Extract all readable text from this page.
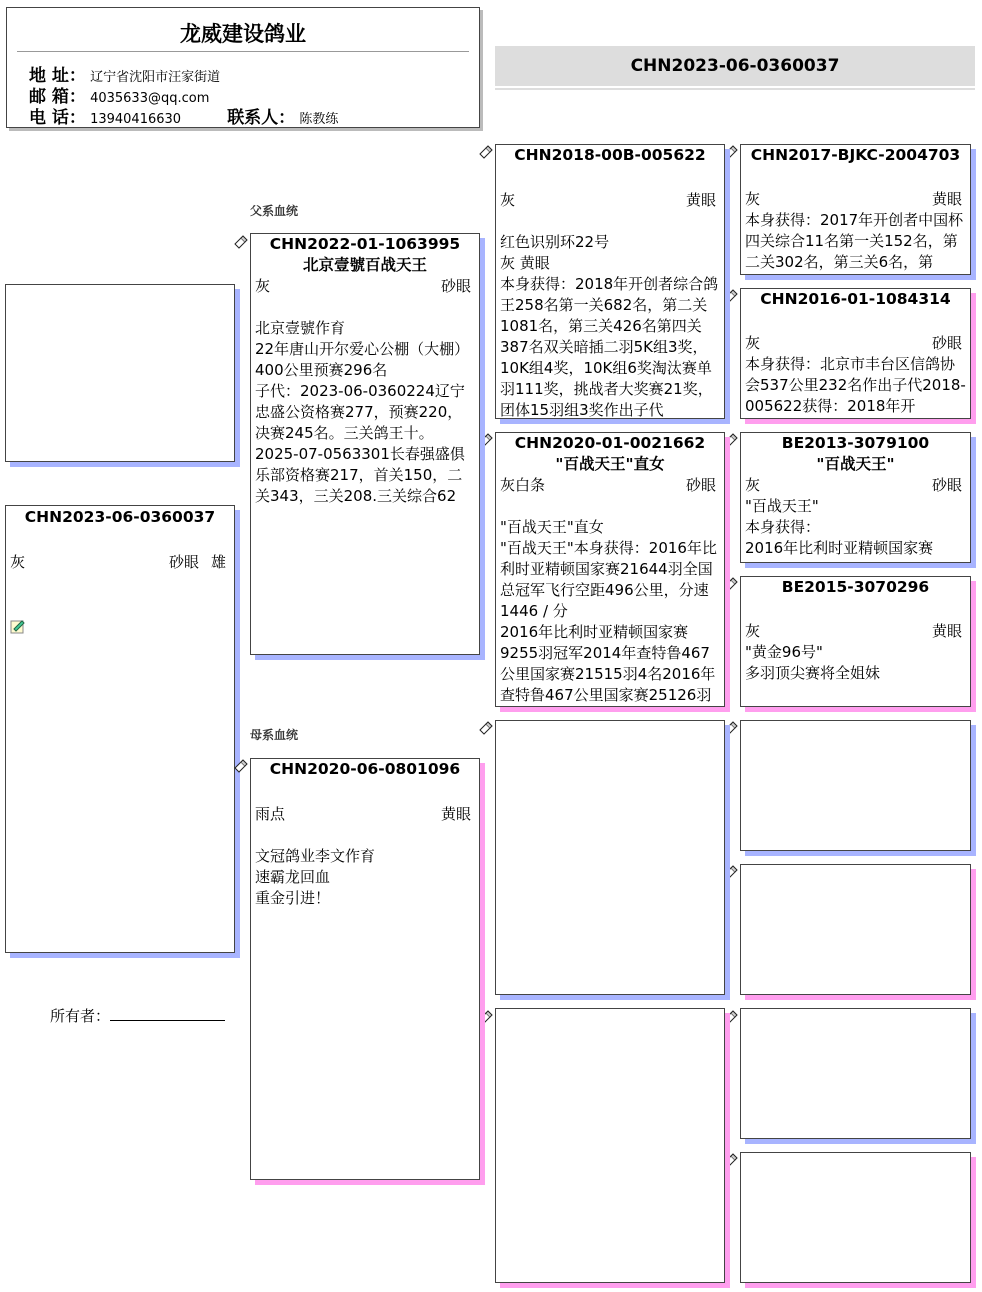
龙威建设鸽业
地 址： 辽宁省沈阳市汪家街道
邮 箱： 4035633@qq.com
电 话： 13940416630	联系人： 陈教练
CHN2023-06-0360037
CHN2023-06-0360037
灰	砂眼 雄
所有者：
父系血统
母系血统
CHN2022-01-1063995
北京壹號百战天王
灰	砂眼
北京壹號作育
22年唐山开尔爱心公棚（大棚）400公里预赛296名
子代：2023-06-0360224辽宁忠盛公资格赛277，预赛220，决赛245名。三关鸽王十。
2025-07-0563301长春强盛俱乐部资格赛217，首关150，二关343，三关208.三关综合62
CHN2020-06-0801096
雨点	黄眼
文冠鸽业李文作育
速霸龙回血
重金引进！
CHN2018-00B-005622
灰	黄眼
红色识别环22号
灰 黄眼
本身获得：2018年开创者综合鸽王258名第一关682名，第二关1081名，第三关426名第四关387名双关暗插二羽5K组3奖，10K组4奖，10K组6奖淘汰赛单羽111奖，挑战者大奖赛21奖，团体15羽组3奖作出子代
CHN2020-01-0021662
"百战天王"直女
灰白条	砂眼
"百战天王"直女
"百战天王"本身获得：2016年比利时亚精顿国家赛21644羽全国总冠军飞行空距496公里，分速1446 / 分
2016年比利时亚精顿国家赛9255羽冠军2014年查特鲁467公里国家赛21515羽4名2016年查特鲁467公里国家赛25126羽
CHN2017-BJKC-2004703
灰	黄眼
本身获得：2017年开创者中国杯四关综合11名第一关152名，第二关302名，第三关6名，第
CHN2016-01-1084314
灰	砂眼
本身获得：北京市丰台区信鸽协会537公里232名作出子代2018-005622获得：2018年开
BE2013-3079100
"百战天王"
灰	砂眼
"百战天王"
本身获得：
2016年比利时亚精顿国家赛
BE2015-3070296
灰	黄眼
"黄金96号"
多羽顶尖赛将全姐妹
